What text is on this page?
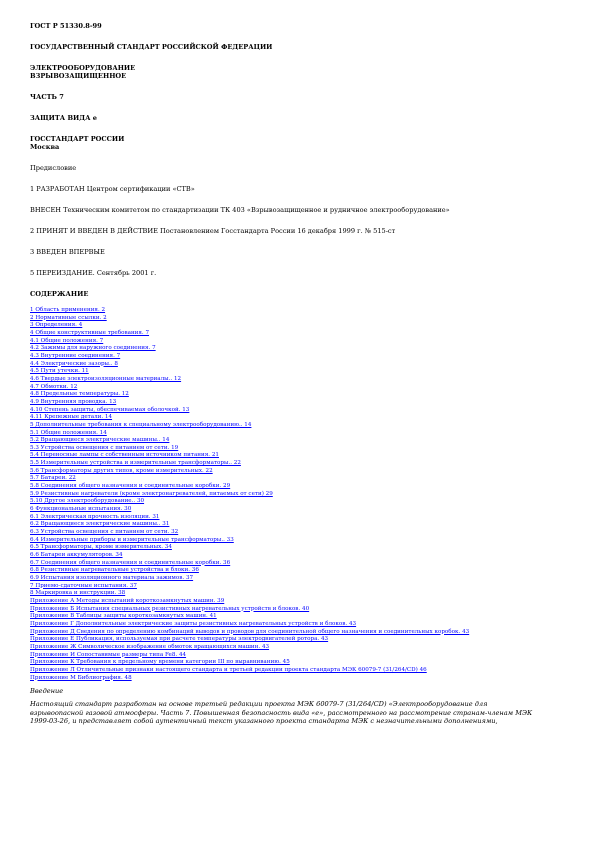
ГОСТ Р 51330.8-99
ГОСУДАРСТВЕННЫЙ СТАНДАРТ РОССИЙСКОЙ ФЕДЕРАЦИИ
ЭЛЕКТРООБОРУДОВАНИЕ
ВЗРЫВОЗАЩИЩЕННОЕ
ЧАСТЬ 7
ЗАЩИТА ВИДА е
ГОССТАНДАРТ РОССИИ
Москва
Предисловие
1 РАЗРАБОТАН Центром сертификации «СТВ»
ВНЕСЕН Техническим комитетом по стандартизации ТК 403 «Взрывозащищенное и рудничное электрооборудование»
2 ПРИНЯТ И ВВЕДЕН В ДЕЙСТВИЕ Постановлением Госстандарта России 16 декабря 1999 г. № 515-ст
3 ВВЕДЕН ВПЕРВЫЕ
5 ПЕРЕИЗДАНИЕ. Сентябрь 2001 г.
СОДЕРЖАНИЕ
1 Область применения. 2
2 Нормативные ссылки. 2
3 Определения. 4
4 Общие конструктивные требования. 7
4.1 Общие положения. 7
4.2 Зажимы для наружного соединения. 7
4.3 Внутренние соединения. 7
4.4 Электрические зазоры.. 8
4.5 Пути утечки. 11
4.6 Твердые электроизоляционные материалы.. 12
4.7 Обмотки. 12
4.8 Предельные температуры. 12
4.9 Внутренняя проводка. 13
4.10 Степень защиты, обеспечиваемая оболочкой. 13
4.11 Крепежные детали. 14
5 Дополнительные требования к специальному электрооборудованию.. 14
5.1 Общие положения. 14
5.2 Вращающиеся электрические машины.. 14
5.3 Устройства освещения с питанием от сети. 19
5.4 Переносные лампы с собственным источником питания. 21
5.5 Измерительные устройства и измерительные трансформаторы.. 22
5.6 Трансформаторы других типов, кроме измерительных. 22
5.7 Батареи. 22
5.8 Соединения общего назначения и соединительные коробки. 29
5.9 Резистивные нагреватели (кроме электронагревателей, питаемых от сети) 29
5.10 Другое электрооборудование.. 30
6 Функциональные испытания. 30
6.1 Электрическая прочность изоляции. 31
6.2 Вращающиеся электрические машины.. 31
6.3 Устройства освещения с питанием от сети. 32
6.4 Измерительные приборы и измерительные трансформаторы.. 33
6.5 Трансформаторы, кроме измерительных. 34
6.6 Батареи аккумуляторов. 34
6.7 Соединения общего назначения и соединительные коробки. 36
6.8 Резистивные нагревательные устройства и блоки. 36
6.9 Испытания изоляционного материала зажимов. 37
7 Приемо-сдаточные испытания. 37
8 Маркировка и инструкции. 38
Приложение А Методы испытаний короткозамкнутых машин. 39
Приложение Б Испытания специальных резистивных нагревательных устройств и блоков. 40
Приложение В Таблицы защиты короткозамкнутых машин. 41
Приложение Г Дополнительные электрические защиты резистивных нагревательных устройств и блоков. 43
Приложение Д Сведения по определению комбинаций выводов и проводов для соединительной общего назначения и соединительных коробок. 43
Приложение Е Публикация, используемая при расчете температуры электродвигателей ротора. 43
Приложение Ж Символическое изображение обмоток вращающихся машин. 43
Приложение И Сопоставимые размеры типа Fe8. 44
Приложение К Требования к предельному времени категории III по выравниванию. 45
Приложение Л Отличительные признаки настоящего стандарта и третьей редакции проекта стандарта МЭК 60079-7 (31/264/CD) 46
Приложение М Библиография. 48
Введение
Настоящий стандарт разработан на основе третьей редакции проекта МЭК 60079-7 (31/264/CD) «Электрооборудование для
взрывоопасной газовой атмосферы. Часть 7. Повышенная безопасность вида «е», рассмотренного на рассмотрение странам-членам МЭК
1999-03-26, и представляет собой аутентичный текст указанного проекта стандарта МЭК с незначительными дополнениями,
